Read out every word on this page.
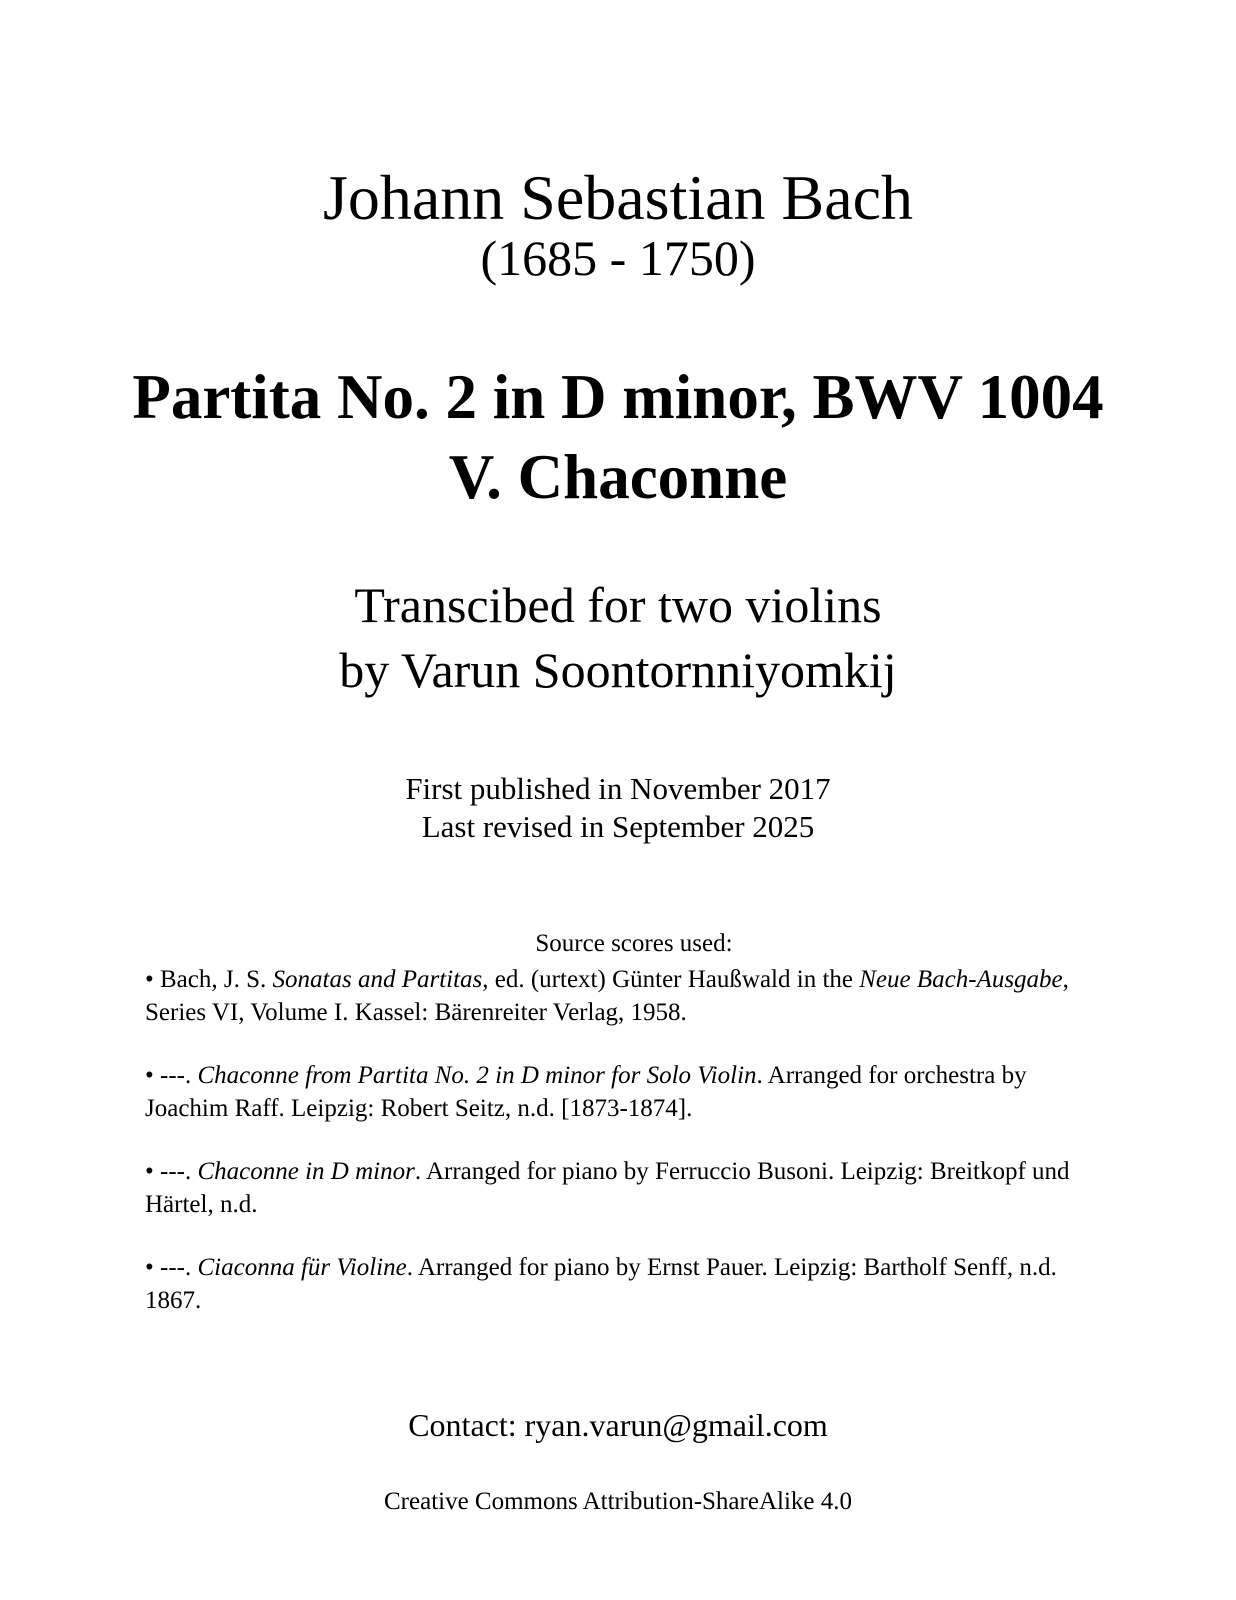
Johann Sebastian Bach
(1685 - 1750)
Partita No. 2 in D minor, BWV 1004
V. Chaconne
Transcibed for two violins
by Varun Soontornniyomkij
First published in November 2017
Last revised in September 2025
Source scores used:
• Bach, J. S. Sonatas and Partitas, ed. (urtext) Günter Haußwald in the Neue Bach-Ausgabe, Series VI, Volume I. Kassel: Bärenreiter Verlag, 1958.
• ---. Chaconne from Partita No. 2 in D minor for Solo Violin. Arranged for orchestra by Joachim Raff. Leipzig: Robert Seitz, n.d. [1873-1874].
• ---. Chaconne in D minor. Arranged for piano by Ferruccio Busoni. Leipzig: Breitkopf und Härtel, n.d.
• ---. Ciaconna für Violine. Arranged for piano by Ernst Pauer. Leipzig: Bartholf Senff, n.d. 1867.
Contact: ryan.varun@gmail.com
Creative Commons Attribution-ShareAlike 4.0
